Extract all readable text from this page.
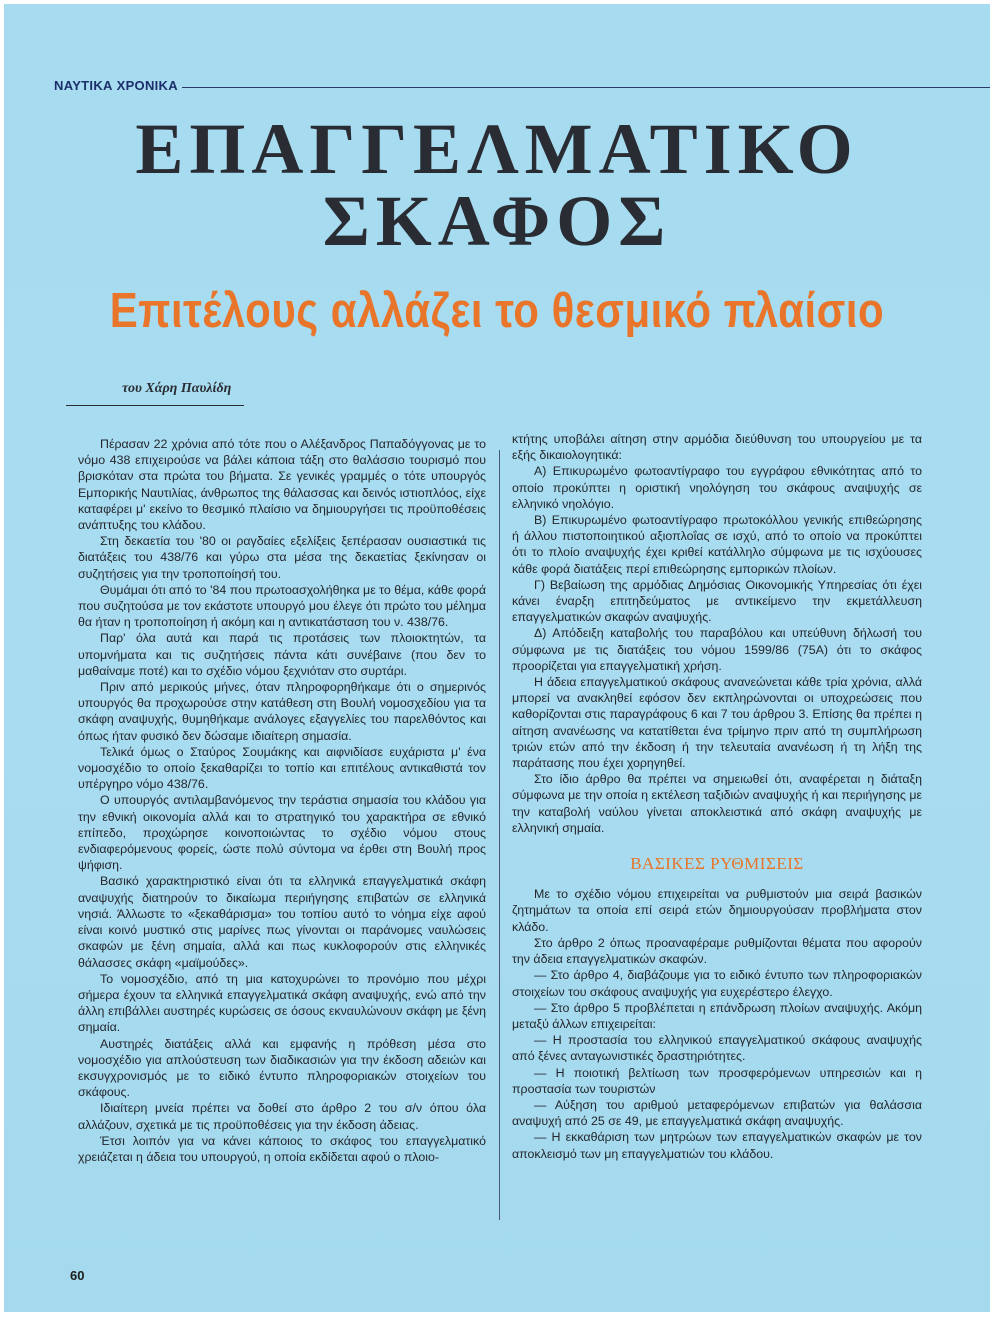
ΝΑΥΤΙΚΑ ΧΡΟΝΙΚΑ
ΕΠΑΓΓΕΛΜΑΤΙΚΟ
ΣΚΑΦΟΣ
Επιτέλους αλλάζει το θεσμικό πλαίσιο
του Χάρη Παυλίδη

Πέρασαν 22 χρόνια από τότε που ο Αλέξανδρος Παπαδόγγονας με το νόμο 438 επιχειρούσε να βάλει κάποια τάξη στο θαλάσσιο τουρισμό που βρισκόταν στα πρώτα του βήματα. Σε γενικές γραμμές ο τότε υπουργός Εμπορικής Ναυτιλίας, άνθρωπος της θάλασσας και δεινός ιστιοπλόος, είχε καταφέρει μ' εκείνο το θεσμικό πλαίσιο να δημιουργήσει τις προϋποθέσεις ανάπτυξης του κλάδου.

Στη δεκαετία του '80 οι ραγδαίες εξελίξεις ξεπέρασαν ουσιαστικά τις διατάξεις του 438/76 και γύρω στα μέσα της δεκαετίας ξεκίνησαν οι συζητήσεις για την τροποποίησή του.

Θυμάμαι ότι από το '84 που πρωτοασχολήθηκα με το θέμα, κάθε φορά που συζητούσα με τον εκάστοτε υπουργό μου έλεγε ότι πρώτο του μέλημα θα ήταν η τροποποίηση ή ακόμη και η αντικατάσταση του ν. 438/76.

Παρ' όλα αυτά και παρά τις προτάσεις των πλοιοκτητών, τα υπομνήματα και τις συζητήσεις πάντα κάτι συνέβαινε (που δεν το μαθαίναμε ποτέ) και το σχέδιο νόμου ξεχνιόταν στο συρτάρι.

Πριν από μερικούς μήνες, όταν πληροφορηθήκαμε ότι ο σημερινός υπουργός θα προχωρούσε στην κατάθεση στη Βουλή νομοσχεδίου για τα σκάφη αναψυχής, θυμηθήκαμε ανάλογες εξαγγελίες του παρελθόντος και όπως ήταν φυσικό δεν δώσαμε ιδιαίτερη σημασία.

Τελικά όμως ο Σταύρος Σουμάκης και αιφνιδίασε ευχάριστα μ' ένα νομοσχέδιο το οποίο ξεκαθαρίζει το τοπίο και επιτέλους αντικαθιστά τον υπέργηρο νόμο 438/76.

Ο υπουργός αντιλαμβανόμενος την τεράστια σημασία του κλάδου για την εθνική οικονομία αλλά και το στρατηγικό του χαρακτήρα σε εθνικό επίπεδο, προχώρησε κοινοποιώντας το σχέδιο νόμου στους ενδιαφερόμενους φορείς, ώστε πολύ σύντομα να έρθει στη Βουλή προς ψήφιση.

Βασικό χαρακτηριστικό είναι ότι τα ελληνικά επαγγελματικά σκάφη αναψυχής διατηρούν το δικαίωμα περιήγησης επιβατών σε ελληνικά νησιά. Άλλωστε το «ξεκαθάρισμα» του τοπίου αυτό το νόημα είχε αφού είναι κοινό μυστικό στις μαρίνες πως γίνονται οι παράνομες ναυλώσεις σκαφών με ξένη σημαία, αλλά και πως κυκλοφορούν στις ελληνικές θάλασσες σκάφη «μαϊμούδες».

Το νομοσχέδιο, από τη μια κατοχυρώνει το προνόμιο που μέχρι σήμερα έχουν τα ελληνικά επαγγελματικά σκάφη αναψυχής, ενώ από την άλλη επιβάλλει αυστηρές κυρώσεις σε όσους εκναυλώνουν σκάφη με ξένη σημαία.

Αυστηρές διατάξεις αλλά και εμφανής η πρόθεση μέσα στο νομοσχέδιο για απλούστευση των διαδικασιών για την έκδοση αδειών και εκσυγχρονισμός με το ειδικό έντυπο πληροφοριακών στοιχείων του σκάφους.

Ιδιαίτερη μνεία πρέπει να δοθεί στο άρθρο 2 του σ/ν όπου όλα αλλάζουν, σχετικά με τις προϋποθέσεις για την έκδοση άδειας.

Έτσι λοιπόν για να κάνει κάποιος το σκάφος του επαγγελματικό χρειάζεται η άδεια του υπουργού, η οποία εκδίδεται αφού ο πλοιο-

κτήτης υποβάλει αίτηση στην αρμόδια διεύθυνση του υπουργείου με τα εξής δικαιολογητικά:

Α) Επικυρωμένο φωτοαντίγραφο του εγγράφου εθνικότητας από το οποίο προκύπτει η οριστική νηολόγηση του σκάφους αναψυχής σε ελληνικό νηολόγιο.

Β) Επικυρωμένο φωτοαντίγραφο πρωτοκόλλου γενικής επιθεώρησης ή άλλου πιστοποιητικού αξιοπλοΐας σε ισχύ, από το οποίο να προκύπτει ότι το πλοίο αναψυχής έχει κριθεί κατάλληλο σύμφωνα με τις ισχύουσες κάθε φορά διατάξεις περί επιθεώρησης εμπορικών πλοίων.

Γ) Βεβαίωση της αρμόδιας Δημόσιας Οικονομικής Υπηρεσίας ότι έχει κάνει έναρξη επιτηδεύματος με αντικείμενο την εκμετάλλευση επαγγελματικών σκαφών αναψυχής.

Δ) Απόδειξη καταβολής του παραβόλου και υπεύθυνη δήλωσή του σύμφωνα με τις διατάξεις του νόμου 1599/86 (75Α) ότι το σκάφος προορίζεται για επαγγελματική χρήση.

Η άδεια επαγγελματικού σκάφους ανανεώνεται κάθε τρία χρόνια, αλλά μπορεί να ανακληθεί εφόσον δεν εκπληρώνονται οι υποχρεώσεις που καθορίζονται στις παραγράφους 6 και 7 του άρθρου 3. Επίσης θα πρέπει η αίτηση ανανέωσης να κατατίθεται ένα τρίμηνο πριν από τη συμπλήρωση τριών ετών από την έκδοση ή την τελευταία ανανέωση ή τη λήξη της παράτασης που έχει χορηγηθεί.

Στο ίδιο άρθρο θα πρέπει να σημειωθεί ότι, αναφέρεται η διάταξη σύμφωνα με την οποία η εκτέλεση ταξιδιών αναψυχής ή και περιήγησης με την καταβολή ναύλου γίνεται αποκλειστικά από σκάφη αναψυχής με ελληνική σημαία.

ΒΑΣΙΚΕΣ ΡΥΘΜΙΣΕΙΣ

Με το σχέδιο νόμου επιχειρείται να ρυθμιστούν μια σειρά βασικών ζητημάτων τα οποία επί σειρά ετών δημιουργούσαν προβλήματα στον κλάδο.

Στο άρθρο 2 όπως προαναφέραμε ρυθμίζονται θέματα που αφορούν την άδεια επαγγελματικών σκαφών.

— Στο άρθρο 4, διαβάζουμε για το ειδικό έντυπο των πληροφοριακών στοιχείων του σκάφους αναψυχής για ευχερέστερο έλεγχο.

— Στο άρθρο 5 προβλέπεται η επάνδρωση πλοίων αναψυχής. Ακόμη μεταξύ άλλων επιχειρείται:

— Η προστασία του ελληνικού επαγγελματικού σκάφους αναψυχής από ξένες ανταγωνιστικές δραστηριότητες.

— Η ποιοτική βελτίωση των προσφερόμενων υπηρεσιών και η προστασία των τουριστών

— Αύξηση του αριθμού μεταφερόμενων επιβατών για θαλάσσια αναψυχή από 25 σε 49, με επαγγελματικά σκάφη αναψυχής.

— Η εκκαθάριση των μητρώων των επαγγελματικών σκαφών με τον αποκλεισμό των μη επαγγελματιών του κλάδου.

60
